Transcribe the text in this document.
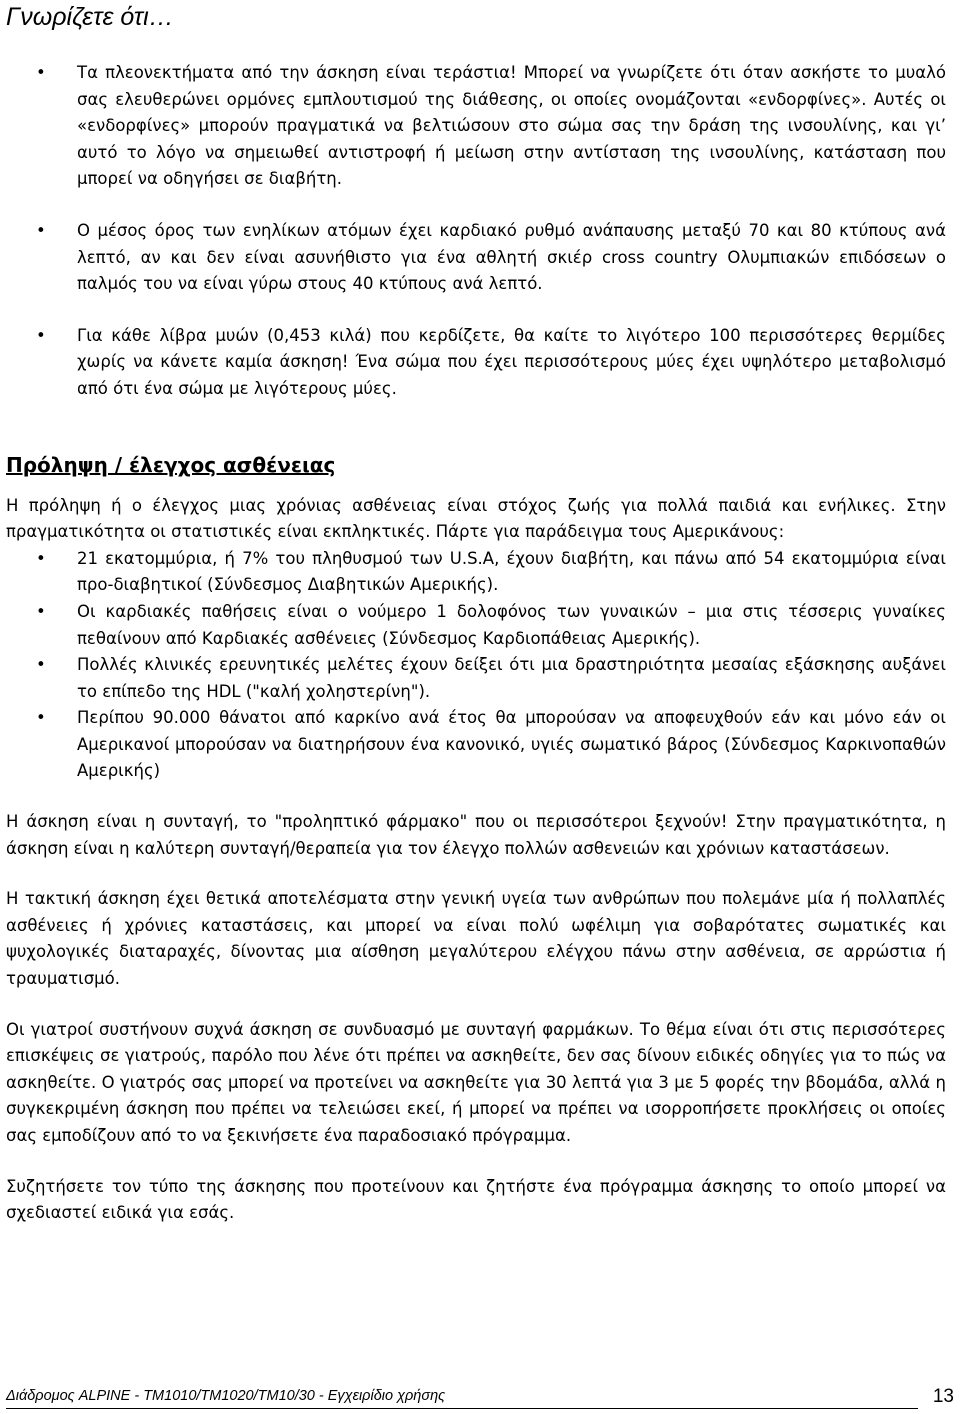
Γνωρίζετε ότι…
• Τα πλεονεκτήματα από την άσκηση είναι τεράστια! Μπορεί να γνωρίζετε ότι όταν ασκήστε το μυαλό σας ελευθερώνει ορμόνες εμπλουτισμού της διάθεσης, οι οποίες ονομάζονται «ενδορφίνες». Αυτές οι «ενδορφίνες» μπορούν πραγματικά να βελτιώσουν στο σώμα σας την δράση της ινσουλίνης, και γι’ αυτό το λόγο να σημειωθεί αντιστροφή ή μείωση στην αντίσταση της ινσουλίνης, κατάσταση που μπορεί να οδηγήσει σε διαβήτη.
• Ο μέσος όρος των ενηλίκων ατόμων έχει καρδιακό ρυθμό ανάπαυσης μεταξύ 70 και 80 κτύπους ανά λεπτό, αν και δεν είναι ασυνήθιστο για ένα αθλητή σκιέρ cross country Ολυμπιακών επιδόσεων ο παλμός του να είναι γύρω στους 40 κτύπους ανά λεπτό.
• Για κάθε λίβρα μυών (0,453 κιλά) που κερδίζετε, θα καίτε το λιγότερο 100 περισσότερες θερμίδες χωρίς να κάνετε καμία άσκηση! Ένα σώμα που έχει περισσότερους μύες έχει υψηλότερο μεταβολισμό από ότι ένα σώμα με λιγότερους μύες.
Πρόληψη / έλεγχος ασθένειας

Η πρόληψη ή ο έλεγχος μιας χρόνιας ασθένειας είναι στόχος ζωής για πολλά παιδιά και ενήλικες. Στην πραγματικότητα οι στατιστικές είναι εκπληκτικές. Πάρτε για παράδειγμα τους Αμερικάνους:

• 21 εκατομμύρια, ή 7% του πληθυσμού των U.S.A, έχουν διαβήτη, και πάνω από 54 εκατομμύρια είναι προ-διαβητικοί (Σύνδεσμος Διαβητικών Αμερικής).
• Οι καρδιακές παθήσεις είναι ο νούμερο 1 δολοφόνος των γυναικών – μια στις τέσσερις γυναίκες πεθαίνουν από Καρδιακές ασθένειες (Σύνδεσμος Καρδιοπάθειας Αμερικής).
• Πολλές κλινικές ερευνητικές μελέτες έχουν δείξει ότι μια δραστηριότητα μεσαίας εξάσκησης αυξάνει το επίπεδο της HDL ("καλή χοληστερίνη").
• Περίπου 90.000 θάνατοι από καρκίνο ανά έτος θα μπορούσαν να αποφευχθούν εάν και μόνο εάν οι Αμερικανοί μπορούσαν να διατηρήσουν ένα κανονικό, υγιές σωματικό βάρος (Σύνδεσμος Καρκινοπαθών Αμερικής)

Η άσκηση είναι η συνταγή, το "προληπτικό φάρμακο" που οι περισσότεροι ξεχνούν! Στην πραγματικότητα, η άσκηση είναι η καλύτερη συνταγή/θεραπεία για τον έλεγχο πολλών ασθενειών και χρόνιων καταστάσεων.

Η τακτική άσκηση έχει θετικά αποτελέσματα στην γενική υγεία των ανθρώπων που πολεμάνε μία ή πολλαπλές ασθένειες ή χρόνιες καταστάσεις, και μπορεί να είναι πολύ ωφέλιμη για σοβαρότατες σωματικές και ψυχολογικές διαταραχές, δίνοντας μια αίσθηση μεγαλύτερου ελέγχου πάνω στην ασθένεια, σε αρρώστια ή τραυματισμό.

Οι γιατροί συστήνουν συχνά άσκηση σε συνδυασμό με συνταγή φαρμάκων. Το θέμα είναι ότι στις περισσότερες επισκέψεις σε γιατρούς, παρόλο που λένε ότι πρέπει να ασκηθείτε, δεν σας δίνουν ειδικές οδηγίες για το πώς να ασκηθείτε. Ο γιατρός σας μπορεί να προτείνει να ασκηθείτε για 30 λεπτά για 3 με 5 φορές την βδομάδα, αλλά η συγκεκριμένη άσκηση που πρέπει να τελειώσει εκεί, ή μπορεί να πρέπει να ισορροπήσετε προκλήσεις οι οποίες σας εμποδίζουν από το να ξεκινήσετε ένα παραδοσιακό πρόγραμμα.

Συζητήσετε τον τύπο της άσκησης που προτείνουν και ζητήστε ένα πρόγραμμα άσκησης το οποίο μπορεί να σχεδιαστεί ειδικά για εσάς.

Διάδρομος ALPINE - TM1010/TM1020/TM10/30 - Εγχειρίδιο χρήσης	13
